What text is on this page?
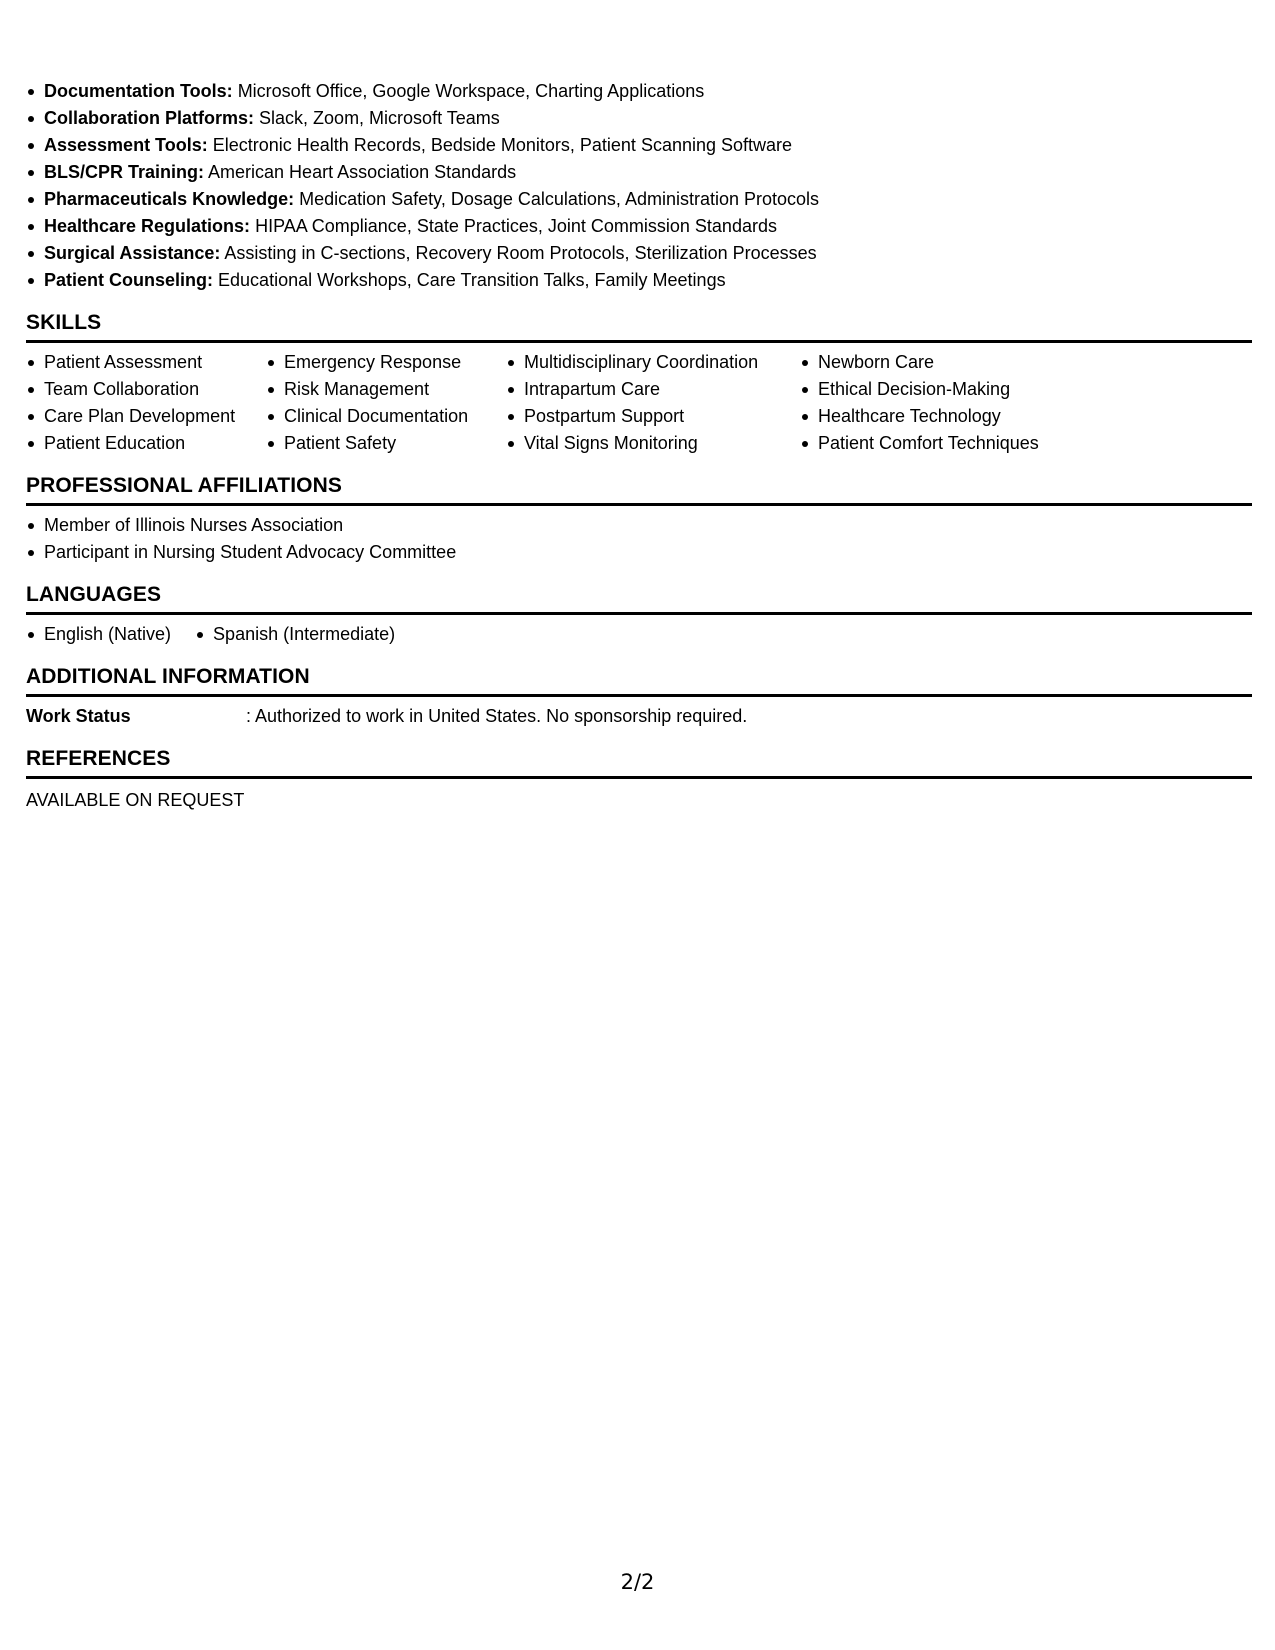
Documentation Tools: Microsoft Office, Google Workspace, Charting Applications
Collaboration Platforms: Slack, Zoom, Microsoft Teams
Assessment Tools: Electronic Health Records, Bedside Monitors, Patient Scanning Software
BLS/CPR Training: American Heart Association Standards
Pharmaceuticals Knowledge: Medication Safety, Dosage Calculations, Administration Protocols
Healthcare Regulations: HIPAA Compliance, State Practices, Joint Commission Standards
Surgical Assistance: Assisting in C-sections, Recovery Room Protocols, Sterilization Processes
Patient Counseling: Educational Workshops, Care Transition Talks, Family Meetings
SKILLS
Patient Assessment
Team Collaboration
Care Plan Development
Patient Education
Emergency Response
Risk Management
Clinical Documentation
Patient Safety
Multidisciplinary Coordination
Intrapartum Care
Postpartum Support
Vital Signs Monitoring
Newborn Care
Ethical Decision-Making
Healthcare Technology
Patient Comfort Techniques
PROFESSIONAL AFFILIATIONS
Member of Illinois Nurses Association
Participant in Nursing Student Advocacy Committee
LANGUAGES
English (Native)	Spanish (Intermediate)
ADDITIONAL INFORMATION
Work Status	: Authorized to work in United States. No sponsorship required.
REFERENCES
AVAILABLE ON REQUEST
2/2
